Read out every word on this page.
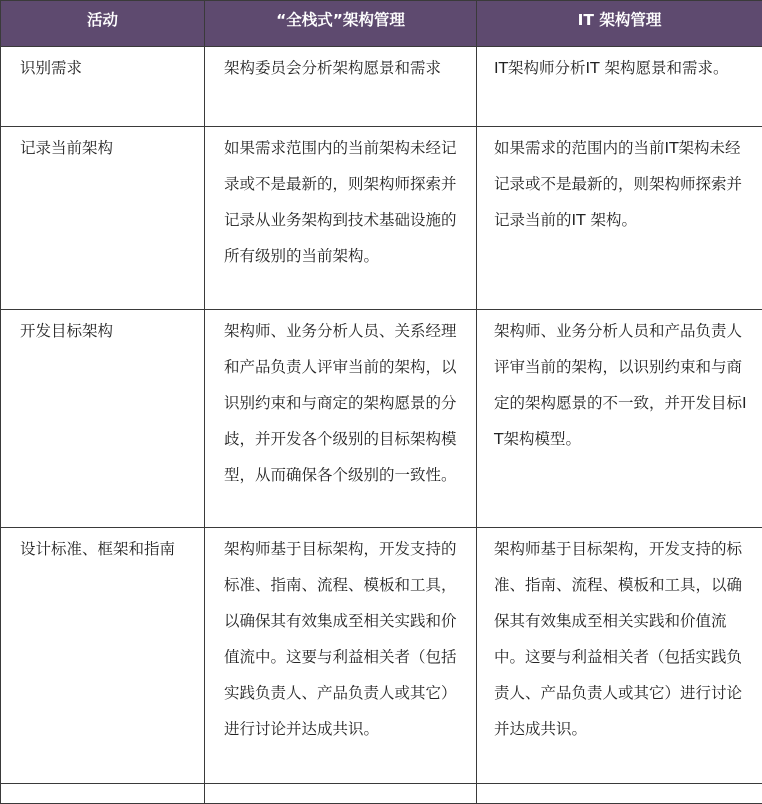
活动	“全栈式”架构管理	IT 架构管理
识别需求	架构委员会分析架构愿景和需求	IT架构师分析IT 架构愿景和需求。
记录当前架构	如果需求范围内的当前架构未经记录或不是最新的，则架构师探索并记录从业务架构到技术基础设施的所有级别的当前架构。	如果需求的范围内的当前IT架构未经记录或不是最新的，则架构师探索并记录当前的IT 架构。
开发目标架构	架构师、业务分析人员、关系经理和产品负责人评审当前的架构，以识别约束和与商定的架构愿景的分歧，并开发各个级别的目标架构模型，从而确保各个级别的一致性。	架构师、业务分析人员和产品负责人评审当前的架构，以识别约束和与商定的架构愿景的不一致，并开发目标IT架构模型。
设计标准、框架和指南	架构师基于目标架构，开发支持的标准、指南、流程、模板和工具，以确保其有效集成至相关实践和价值流中。这要与利益相关者（包括实践负责人、产品负责人或其它）进行讨论并达成共识。	架构师基于目标架构，开发支持的标准、指南、流程、模板和工具，以确保其有效集成至相关实践和价值流中。这要与利益相关者（包括实践负责人、产品负责人或其它）进行讨论并达成共识。
